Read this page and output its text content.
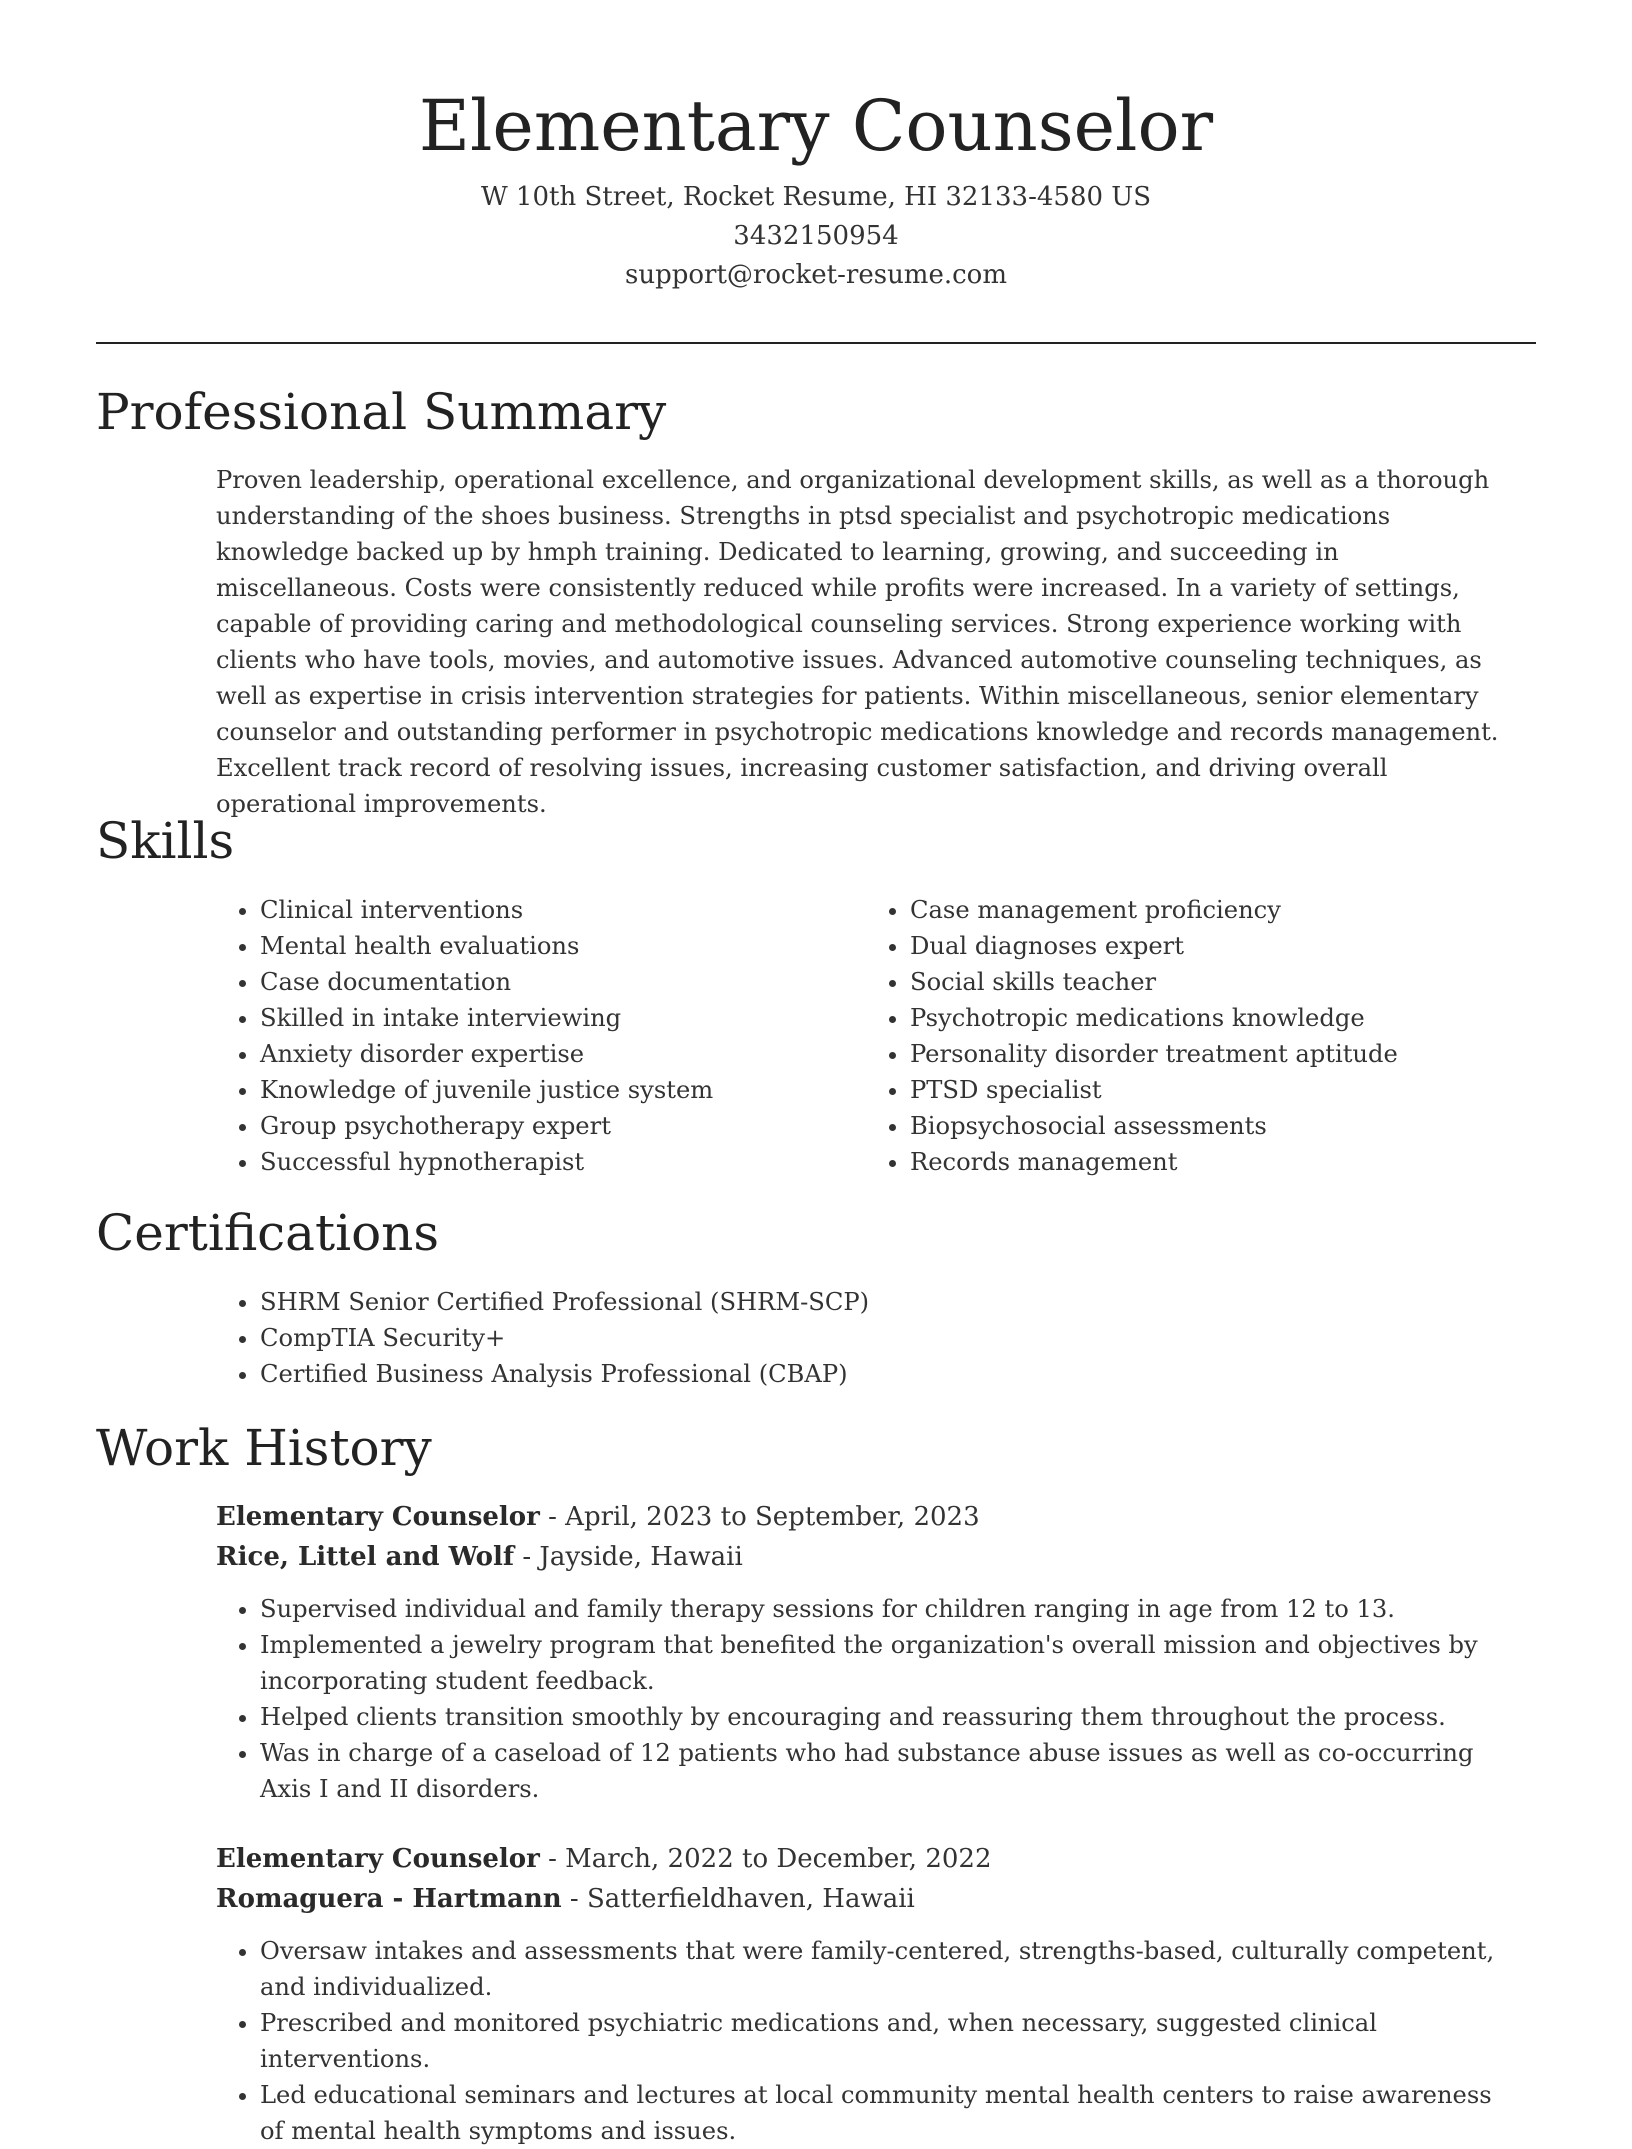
Elementary Counselor
W 10th Street, Rocket Resume, HI 32133-4580 US
3432150954
support@rocket-resume.com
Professional Summary

Proven leadership, operational excellence, and organizational development skills, as well as a thorough understanding of the shoes business. Strengths in ptsd specialist and psychotropic medications knowledge backed up by hmph training. Dedicated to learning, growing, and succeeding in miscellaneous. Costs were consistently reduced while profits were increased. In a variety of settings, capable of providing caring and methodological counseling services. Strong experience working with clients who have tools, movies, and automotive issues. Advanced automotive counseling techniques, as well as expertise in crisis intervention strategies for patients. Within miscellaneous, senior elementary counselor and outstanding performer in psychotropic medications knowledge and records management. Excellent track record of resolving issues, increasing customer satisfaction, and driving overall operational improvements.

Skills
• Clinical interventions
• Mental health evaluations
• Case documentation
• Skilled in intake interviewing
• Anxiety disorder expertise
• Knowledge of juvenile justice system
• Group psychotherapy expert
• Successful hypnotherapist
• Case management proficiency
• Dual diagnoses expert
• Social skills teacher
• Psychotropic medications knowledge
• Personality disorder treatment aptitude
• PTSD specialist
• Biopsychosocial assessments
• Records management
Certifications
• SHRM Senior Certified Professional (SHRM-SCP)
• CompTIA Security+
• Certified Business Analysis Professional (CBAP)
Work History
Elementary Counselor - April, 2023 to September, 2023
Rice, Littel and Wolf - Jayside, Hawaii
• Supervised individual and family therapy sessions for children ranging in age from 12 to 13.
• Implemented a jewelry program that benefited the organization's overall mission and objectives by incorporating student feedback.
• Helped clients transition smoothly by encouraging and reassuring them throughout the process.
• Was in charge of a caseload of 12 patients who had substance abuse issues as well as co-occurring Axis I and II disorders.
Elementary Counselor - March, 2022 to December, 2022
Romaguera - Hartmann - Satterfieldhaven, Hawaii
• Oversaw intakes and assessments that were family-centered, strengths-based, culturally competent, and individualized.
• Prescribed and monitored psychiatric medications and, when necessary, suggested clinical interventions.
• Led educational seminars and lectures at local community mental health centers to raise awareness of mental health symptoms and issues.
